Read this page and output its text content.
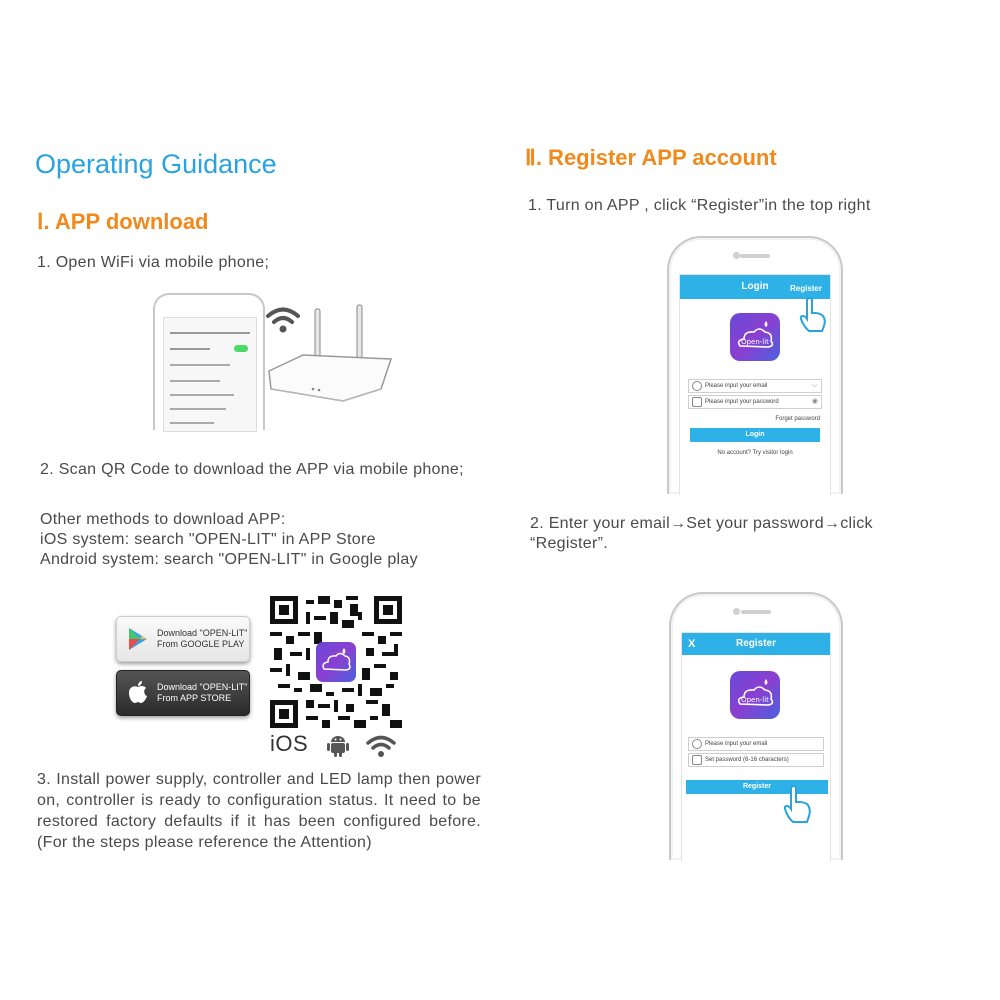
Operating Guidance
Ⅰ. APP download
1. Open WiFi via mobile phone;
2. Scan QR Code to download the APP via mobile phone;

Other methods to download APP:

iOS system: search "OPEN-LIT" in APP Store

Android system: search "OPEN-LIT" in Google play

Download "OPEN-LIT"
From GOOGLE PLAY
Download "OPEN-LIT"
From APP STORE
iOS
3. Install power supply, controller and LED lamp then power on, controller is ready to configuration status. It need to be restored factory defaults if it has been configured before.(For the steps please reference the Attention)
Ⅱ. Register APP account
1. Turn on APP , click “Register”in the top right
Login	Register
Open-lit
Please input your email	⌵
Please input your password	◉
Forget password
Login
No account? Try visitor login
2. Enter your email→Set your password→click “Register”.
X	Register
Open-lit
Please input your email
Set password (6-16 characters)
Register
